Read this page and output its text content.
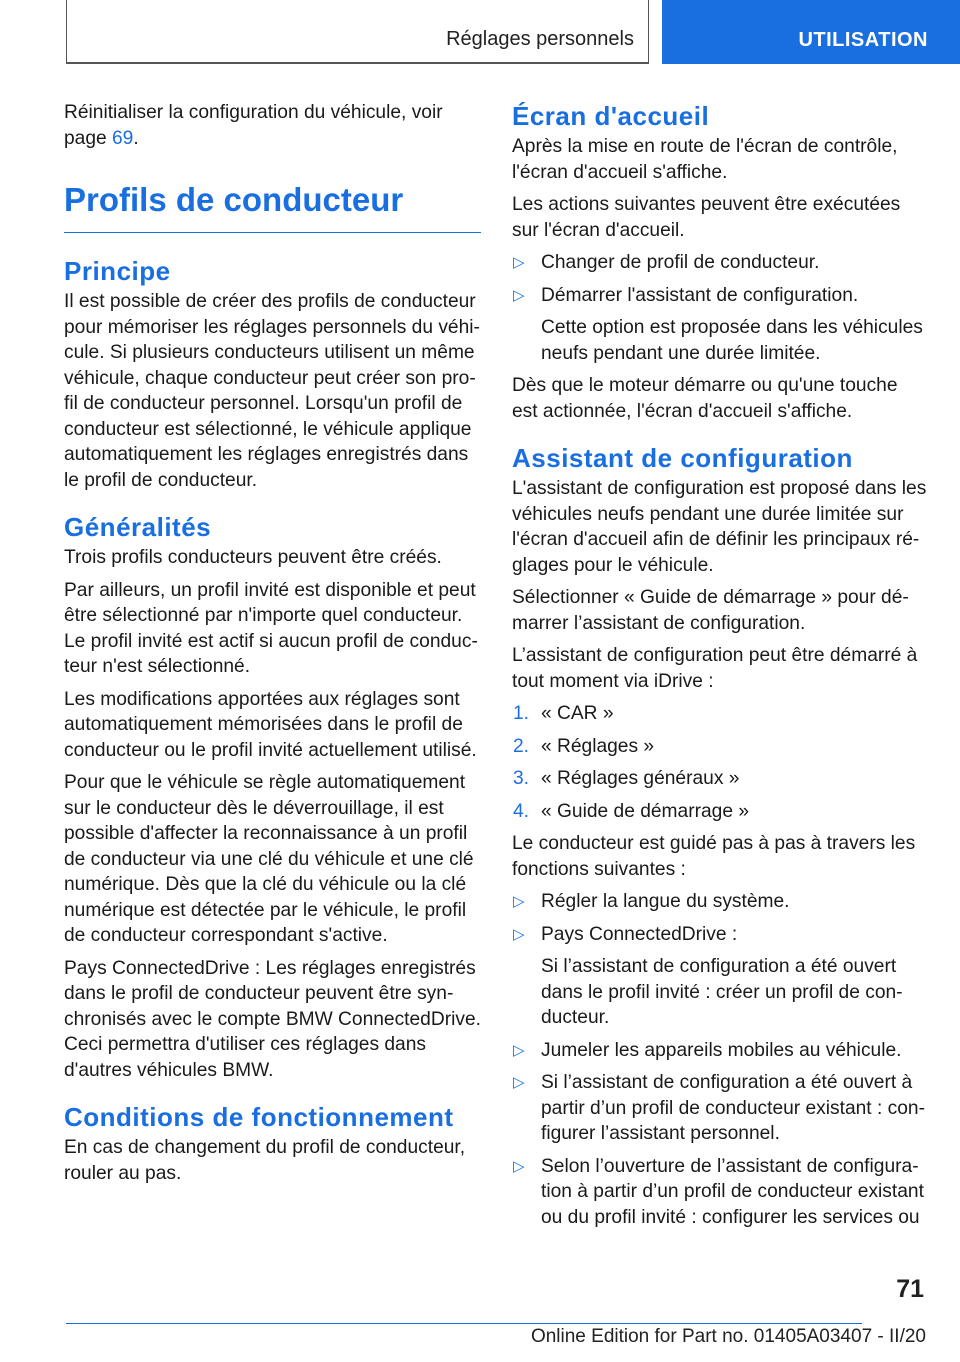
Réglages personnels	UTILISATION

Réinitialiser la configuration du véhicule, voir page 69.

Profils de conducteur
Principe

Il est possible de créer des profils de conducteur pour mémoriser les réglages personnels du véhicule. Si plusieurs conducteurs utilisent un même véhicule, chaque conducteur peut créer son profil de conducteur personnel. Lorsqu'un profil de conducteur est sélectionné, le véhicule applique automatiquement les réglages enregistrés dans le profil de conducteur.

Généralités

Trois profils conducteurs peuvent être créés.

Par ailleurs, un profil invité est disponible et peut être sélectionné par n'importe quel conducteur. Le profil invité est actif si aucun profil de conducteur n'est sélectionné.

Les modifications apportées aux réglages sont automatiquement mémorisées dans le profil de conducteur ou le profil invité actuellement utilisé.

Pour que le véhicule se règle automatiquement sur le conducteur dès le déverrouillage, il est possible d'affecter la reconnaissance à un profil de conducteur via une clé du véhicule et une clé numérique. Dès que la clé du véhicule ou la clé numérique est détectée par le véhicule, le profil de conducteur correspondant s'active.

Pays ConnectedDrive : Les réglages enregistrés dans le profil de conducteur peuvent être synchronisés avec le compte BMW ConnectedDrive. Ceci permettra d'utiliser ces réglages dans d'autres véhicules BMW.

Conditions de fonctionnement

En cas de changement du profil de conducteur, rouler au pas.

Écran d'accueil

Après la mise en route de l'écran de contrôle, l'écran d'accueil s'affiche.

Les actions suivantes peuvent être exécutées sur l'écran d'accueil.

▷ Changer de profil de conducteur.
▷ Démarrer l'assistant de configuration.
Cette option est proposée dans les véhicules neufs pendant une durée limitée.

Dès que le moteur démarre ou qu'une touche est actionnée, l'écran d'accueil s'affiche.

Assistant de configuration

L'assistant de configuration est proposé dans les véhicules neufs pendant une durée limitée sur l'écran d'accueil afin de définir les principaux réglages pour le véhicule.

Sélectionner « Guide de démarrage » pour démarrer l’assistant de configuration.

L’assistant de configuration peut être démarré à tout moment via iDrive :

1. « CAR »
2. « Réglages »
3. « Réglages généraux »
4. « Guide de démarrage »

Le conducteur est guidé pas à pas à travers les fonctions suivantes :

▷ Régler la langue du système.
▷ Pays ConnectedDrive :
Si l’assistant de configuration a été ouvert dans le profil invité : créer un profil de conducteur.
▷ Jumeler les appareils mobiles au véhicule.
▷ Si l’assistant de configuration a été ouvert à partir d’un profil de conducteur existant : configurer l’assistant personnel.
▷ Selon l’ouverture de l’assistant de configuration à partir d’un profil de conducteur existant ou du profil invité : configurer les services ou
71
Online Edition for Part no. 01405A03407 - II/20
